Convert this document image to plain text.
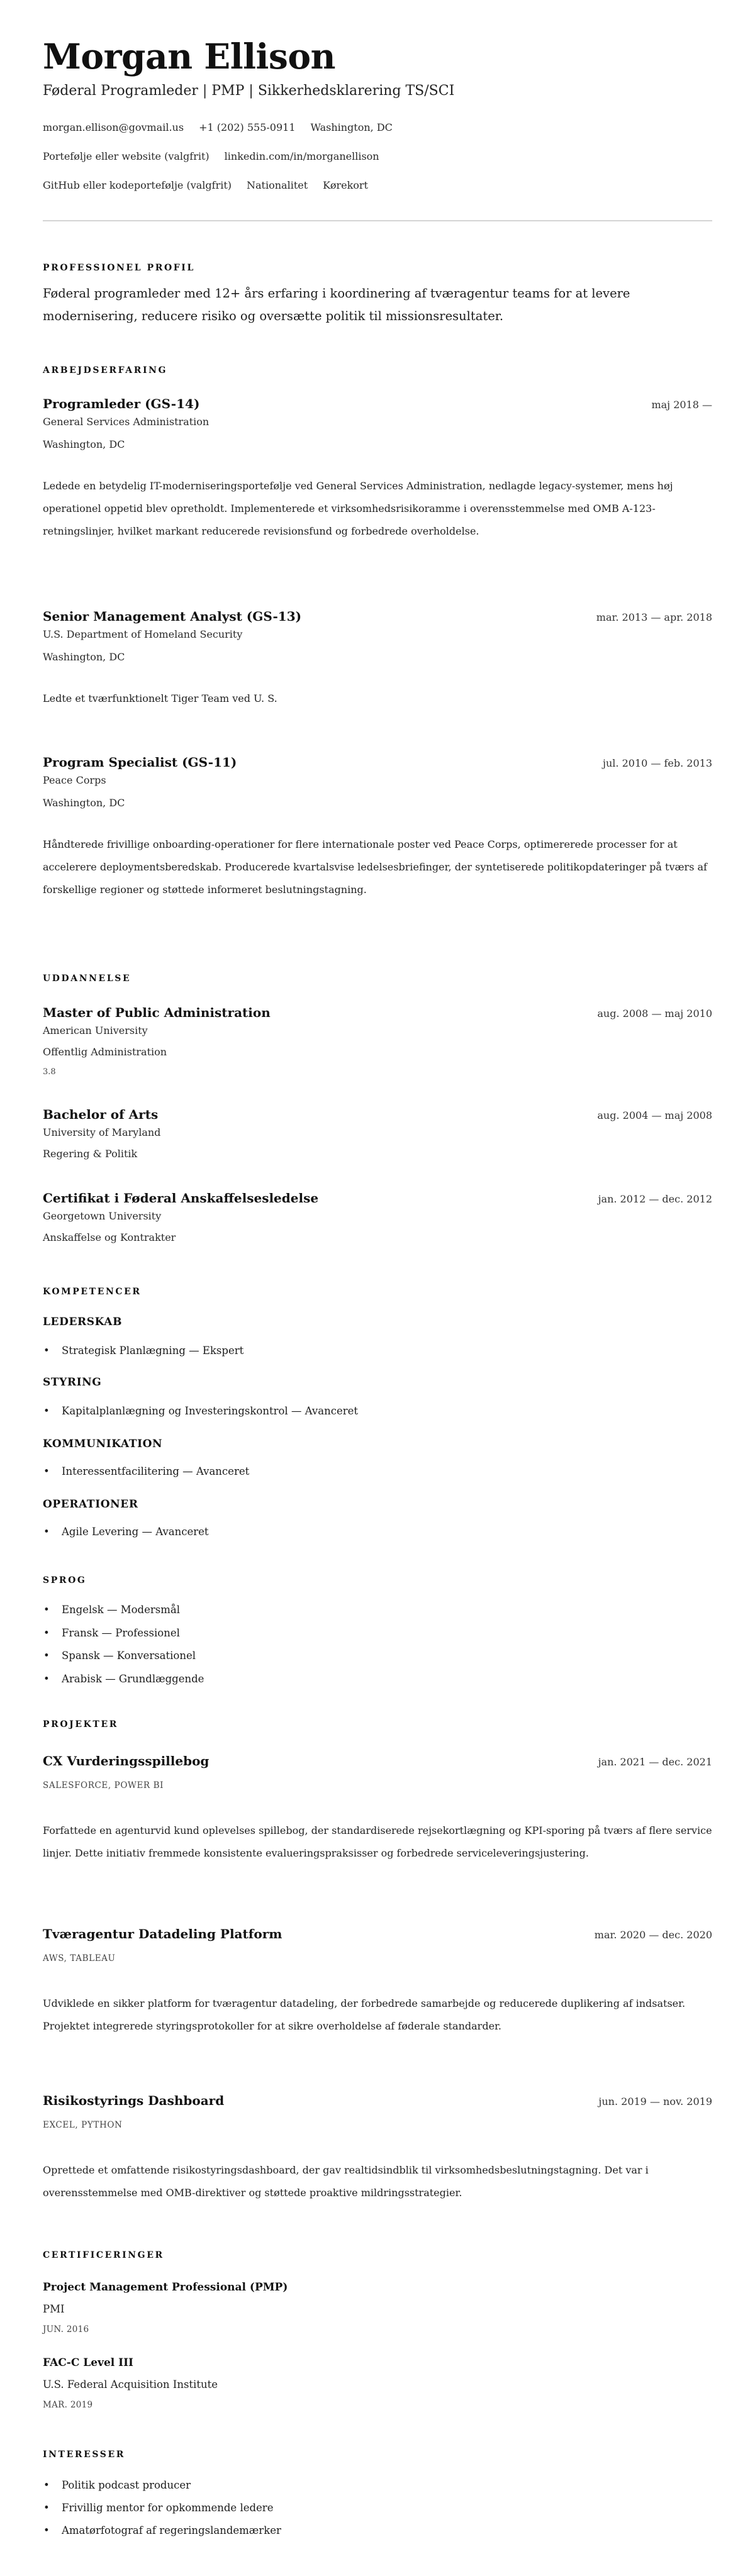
Morgan Ellison
Føderal Programleder | PMP | Sikkerhedsklarering TS/SCI
morgan.ellison@govmail.us +1 (202) 555-0911 Washington, DC
Portefølje eller website (valgfrit) linkedin.com/in/morganellison
GitHub eller kodeportefølje (valgfrit) Nationalitet Kørekort
PROFESSIONEL PROFIL

Føderal programleder med 12+ års erfaring i koordinering af tværagentur teams for at levere modernisering, reducere risiko og oversætte politik til missionsresultater.

ARBEJDSERFARING
Programleder (GS-14)	maj 2018 —
General Services Administration
Washington, DC
Ledede en betydelig IT-moderniseringsportefølje ved General Services Administration, nedlagde legacy-systemer, mens høj operationel oppetid blev opretholdt. Implementerede et virksomhedsrisikoramme i overensstemmelse med OMB A-123-retningslinjer, hvilket markant reducerede revisionsfund og forbedrede overholdelse.
Senior Management Analyst (GS-13)	mar. 2013 — apr. 2018
U.S. Department of Homeland Security
Washington, DC
Ledte et tværfunktionelt Tiger Team ved U. S.
Program Specialist (GS-11)	jul. 2010 — feb. 2013
Peace Corps
Washington, DC
Håndterede frivillige onboarding-operationer for flere internationale poster ved Peace Corps, optimererede processer for at accelerere deploymentsberedskab. Producerede kvartalsvise ledelsesbriefinger, der syntetiserede politikopdateringer på tværs af forskellige regioner og støttede informeret beslutningstagning.
UDDANNELSE
Master of Public Administration	aug. 2008 — maj 2010
American University
Offentlig Administration
3.8
Bachelor of Arts	aug. 2004 — maj 2008
University of Maryland
Regering & Politik
Certifikat i Føderal Anskaffelsesledelse	jan. 2012 — dec. 2012
Georgetown University
Anskaffelse og Kontrakter
KOMPETENCER
LEDERSKAB
• Strategisk Planlægning — Ekspert
STYRING
• Kapitalplanlægning og Investeringskontrol — Avanceret
KOMMUNIKATION
• Interessentfacilitering — Avanceret
OPERATIONER
• Agile Levering — Avanceret
SPROG
• Engelsk — Modersmål
• Fransk — Professionel
• Spansk — Konversationel
• Arabisk — Grundlæggende
PROJEKTER
CX Vurderingsspillebog	jan. 2021 — dec. 2021
SALESFORCE, POWER BI
Forfattede en agenturvid kund oplevelses spillebog, der standardiserede rejsekortlægning og KPI-sporing på tværs af flere service linjer. Dette initiativ fremmede konsistente evalueringspraksisser og forbedrede serviceleveringsjustering.
Tværagentur Datadeling Platform	mar. 2020 — dec. 2020
AWS, TABLEAU
Udviklede en sikker platform for tværagentur datadeling, der forbedrede samarbejde og reducerede duplikering af indsatser. Projektet integrerede styringsprotokoller for at sikre overholdelse af føderale standarder.
Risikostyrings Dashboard	jun. 2019 — nov. 2019
EXCEL, PYTHON
Oprettede et omfattende risikostyringsdashboard, der gav realtidsindblik til virksomhedsbeslutningstagning. Det var i overensstemmelse med OMB-direktiver og støttede proaktive mildringsstrategier.
CERTIFICERINGER
Project Management Professional (PMP)
PMI
JUN. 2016
FAC-C Level III
U.S. Federal Acquisition Institute
MAR. 2019
INTERESSER
• Politik podcast producer
• Frivillig mentor for opkommende ledere
• Amatørfotograf af regeringslandemærker
